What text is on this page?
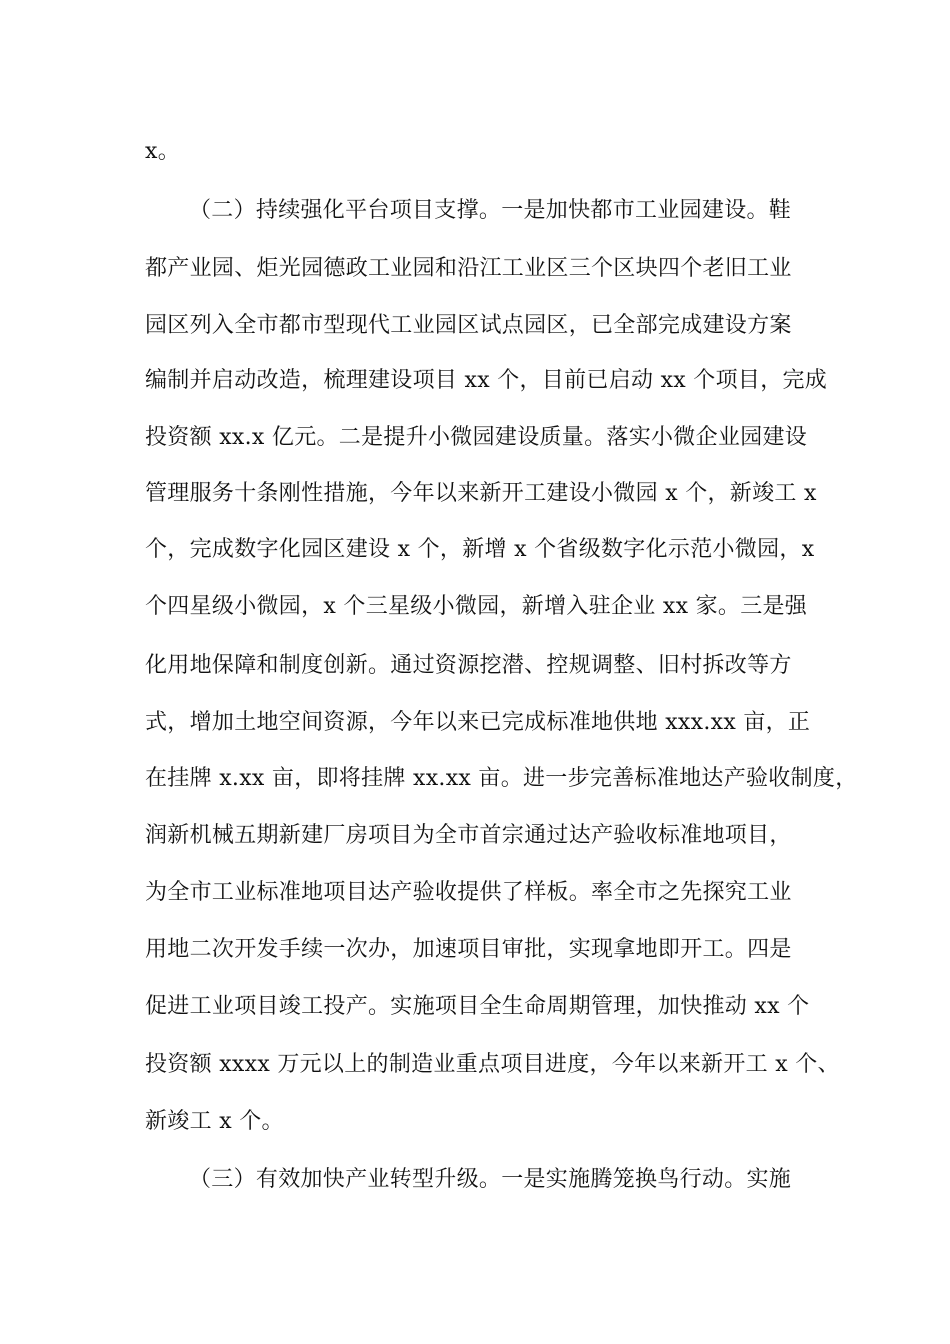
x。
（二）持续强化平台项目支撑。一是加快都市工业园建设。鞋
都产业园、炬光园德政工业园和沿江工业区三个区块四个老旧工业
园区列入全市都市型现代工业园区试点园区，已全部完成建设方案
编制并启动改造，梳理建设项目 xx 个，目前已启动 xx 个项目，完成
投资额 xx.x 亿元。二是提升小微园建设质量。落实小微企业园建设
管理服务十条刚性措施，今年以来新开工建设小微园 x 个，新竣工 x
个，完成数字化园区建设 x 个，新增 x 个省级数字化示范小微园，x
个四星级小微园，x 个三星级小微园，新增入驻企业 xx 家。三是强
化用地保障和制度创新。通过资源挖潜、控规调整、旧村拆改等方
式，增加土地空间资源，今年以来已完成标准地供地 xxx.xx 亩，正
在挂牌 x.xx 亩，即将挂牌 xx.xx 亩。进一步完善标准地达产验收制度，
润新机械五期新建厂房项目为全市首宗通过达产验收标准地项目，
为全市工业标准地项目达产验收提供了样板。率全市之先探究工业
用地二次开发手续一次办，加速项目审批，实现拿地即开工。四是
促进工业项目竣工投产。实施项目全生命周期管理，加快推动 xx 个
投资额 xxxx 万元以上的制造业重点项目进度，今年以来新开工 x 个、
新竣工 x 个。
（三）有效加快产业转型升级。一是实施腾笼换鸟行动。实施
